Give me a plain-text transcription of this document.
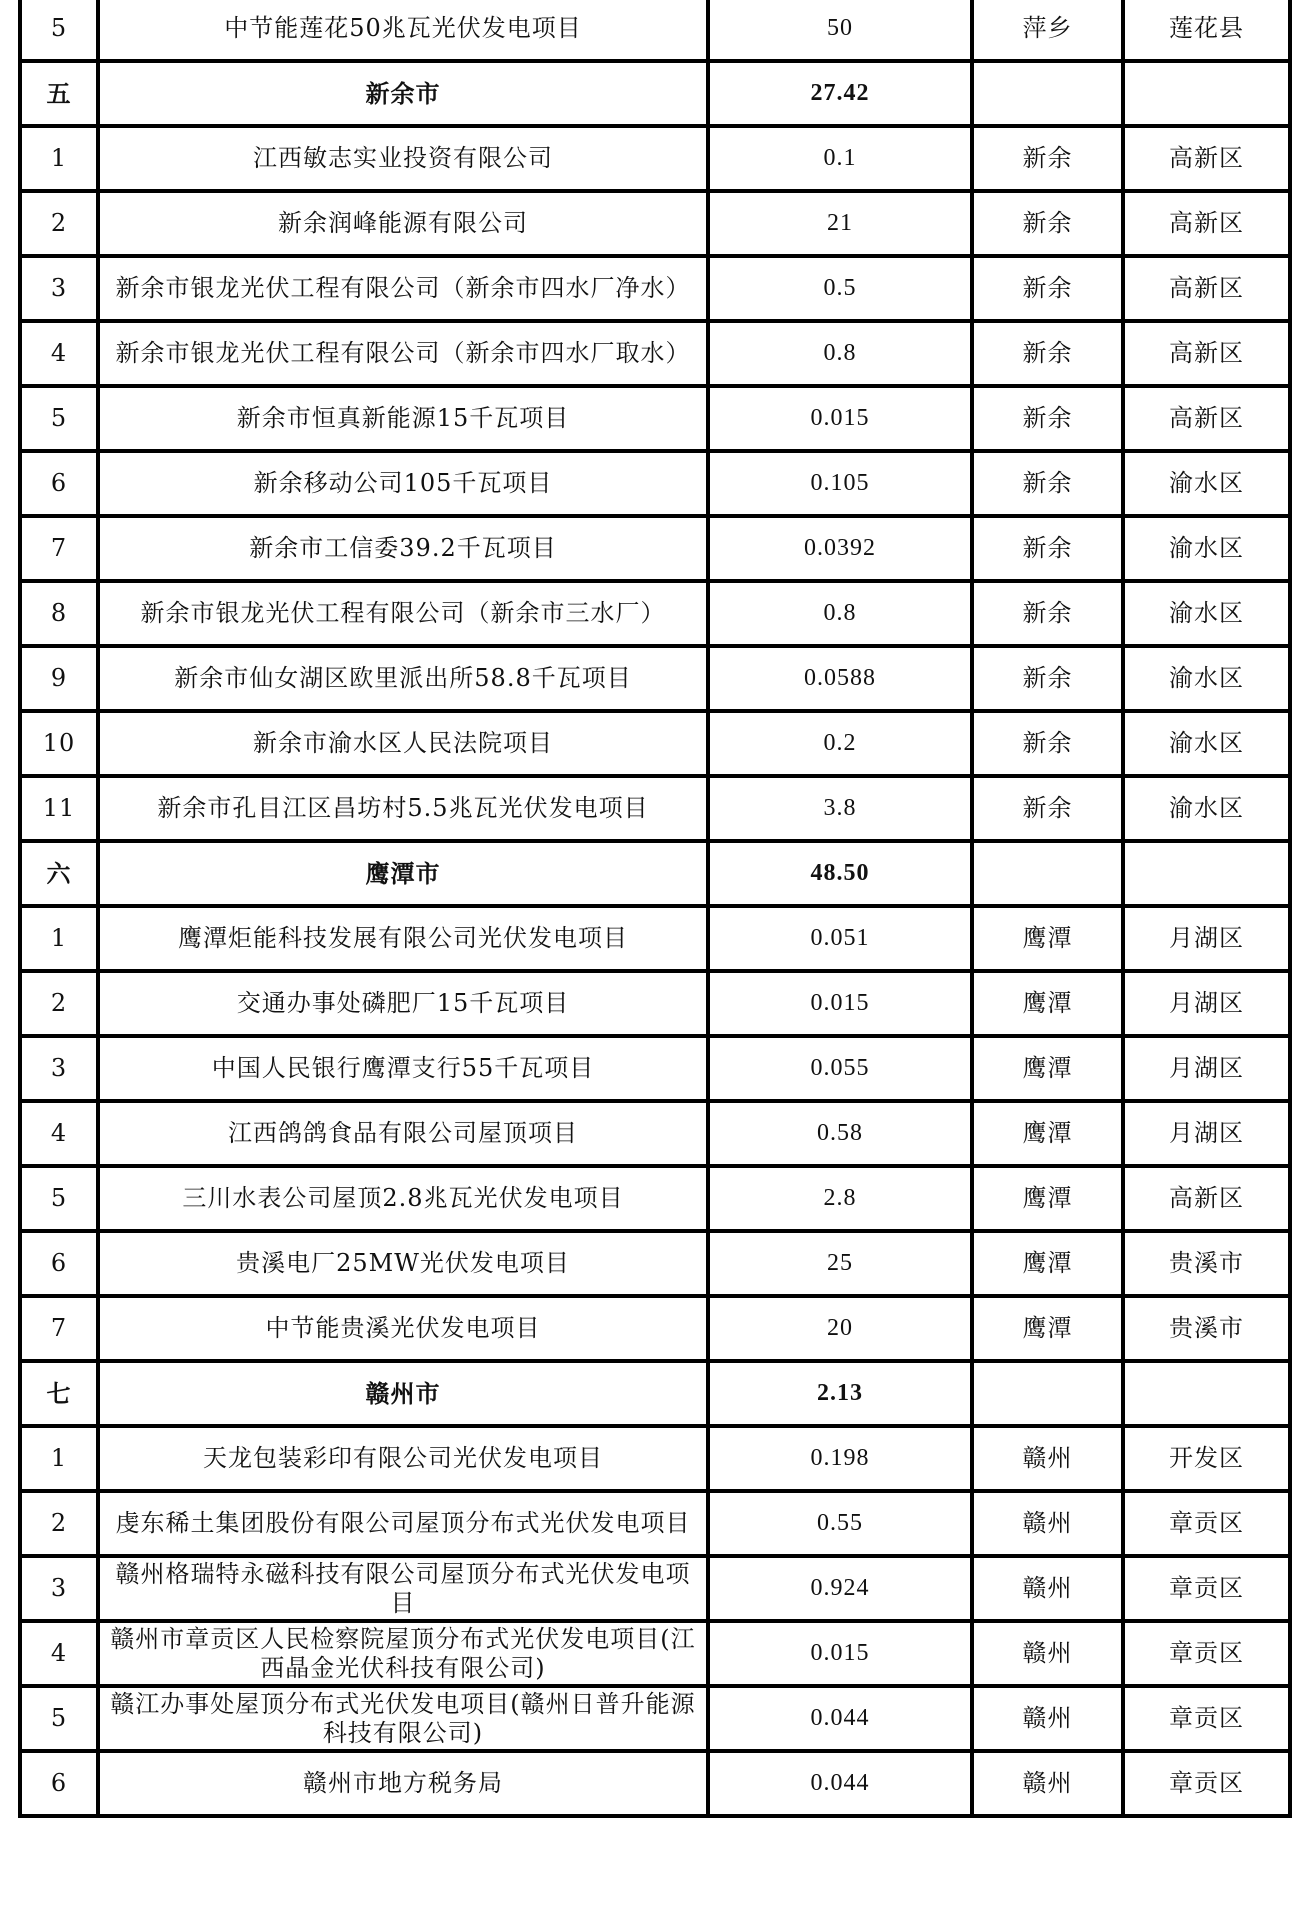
5	中节能莲花50兆瓦光伏发电项目	50	萍乡	莲花县
五	新余市	27.42		
1	江西敏志实业投资有限公司	0.1	新余	高新区
2	新余润峰能源有限公司	21	新余	高新区
3	新余市银龙光伏工程有限公司（新余市四水厂净水）	0.5	新余	高新区
4	新余市银龙光伏工程有限公司（新余市四水厂取水）	0.8	新余	高新区
5	新余市恒真新能源15千瓦项目	0.015	新余	高新区
6	新余移动公司105千瓦项目	0.105	新余	渝水区
7	新余市工信委39.2千瓦项目	0.0392	新余	渝水区
8	新余市银龙光伏工程有限公司（新余市三水厂）	0.8	新余	渝水区
9	新余市仙女湖区欧里派出所58.8千瓦项目	0.0588	新余	渝水区
10	新余市渝水区人民法院项目	0.2	新余	渝水区
11	新余市孔目江区昌坊村5.5兆瓦光伏发电项目	3.8	新余	渝水区
六	鹰潭市	48.50		
1	鹰潭炬能科技发展有限公司光伏发电项目	0.051	鹰潭	月湖区
2	交通办事处磷肥厂15千瓦项目	0.015	鹰潭	月湖区
3	中国人民银行鹰潭支行55千瓦项目	0.055	鹰潭	月湖区
4	江西鸽鸽食品有限公司屋顶项目	0.58	鹰潭	月湖区
5	三川水表公司屋顶2.8兆瓦光伏发电项目	2.8	鹰潭	高新区
6	贵溪电厂25MW光伏发电项目	25	鹰潭	贵溪市
7	中节能贵溪光伏发电项目	20	鹰潭	贵溪市
七	赣州市	2.13		
1	天龙包装彩印有限公司光伏发电项目	0.198	赣州	开发区
2	虔东稀土集团股份有限公司屋顶分布式光伏发电项目	0.55	赣州	章贡区
3	赣州格瑞特永磁科技有限公司屋顶分布式光伏发电项目	0.924	赣州	章贡区
4	赣州市章贡区人民检察院屋顶分布式光伏发电项目(江西晶金光伏科技有限公司)	0.015	赣州	章贡区
5	赣江办事处屋顶分布式光伏发电项目(赣州日普升能源科技有限公司)	0.044	赣州	章贡区
6	赣州市地方税务局	0.044	赣州	章贡区
